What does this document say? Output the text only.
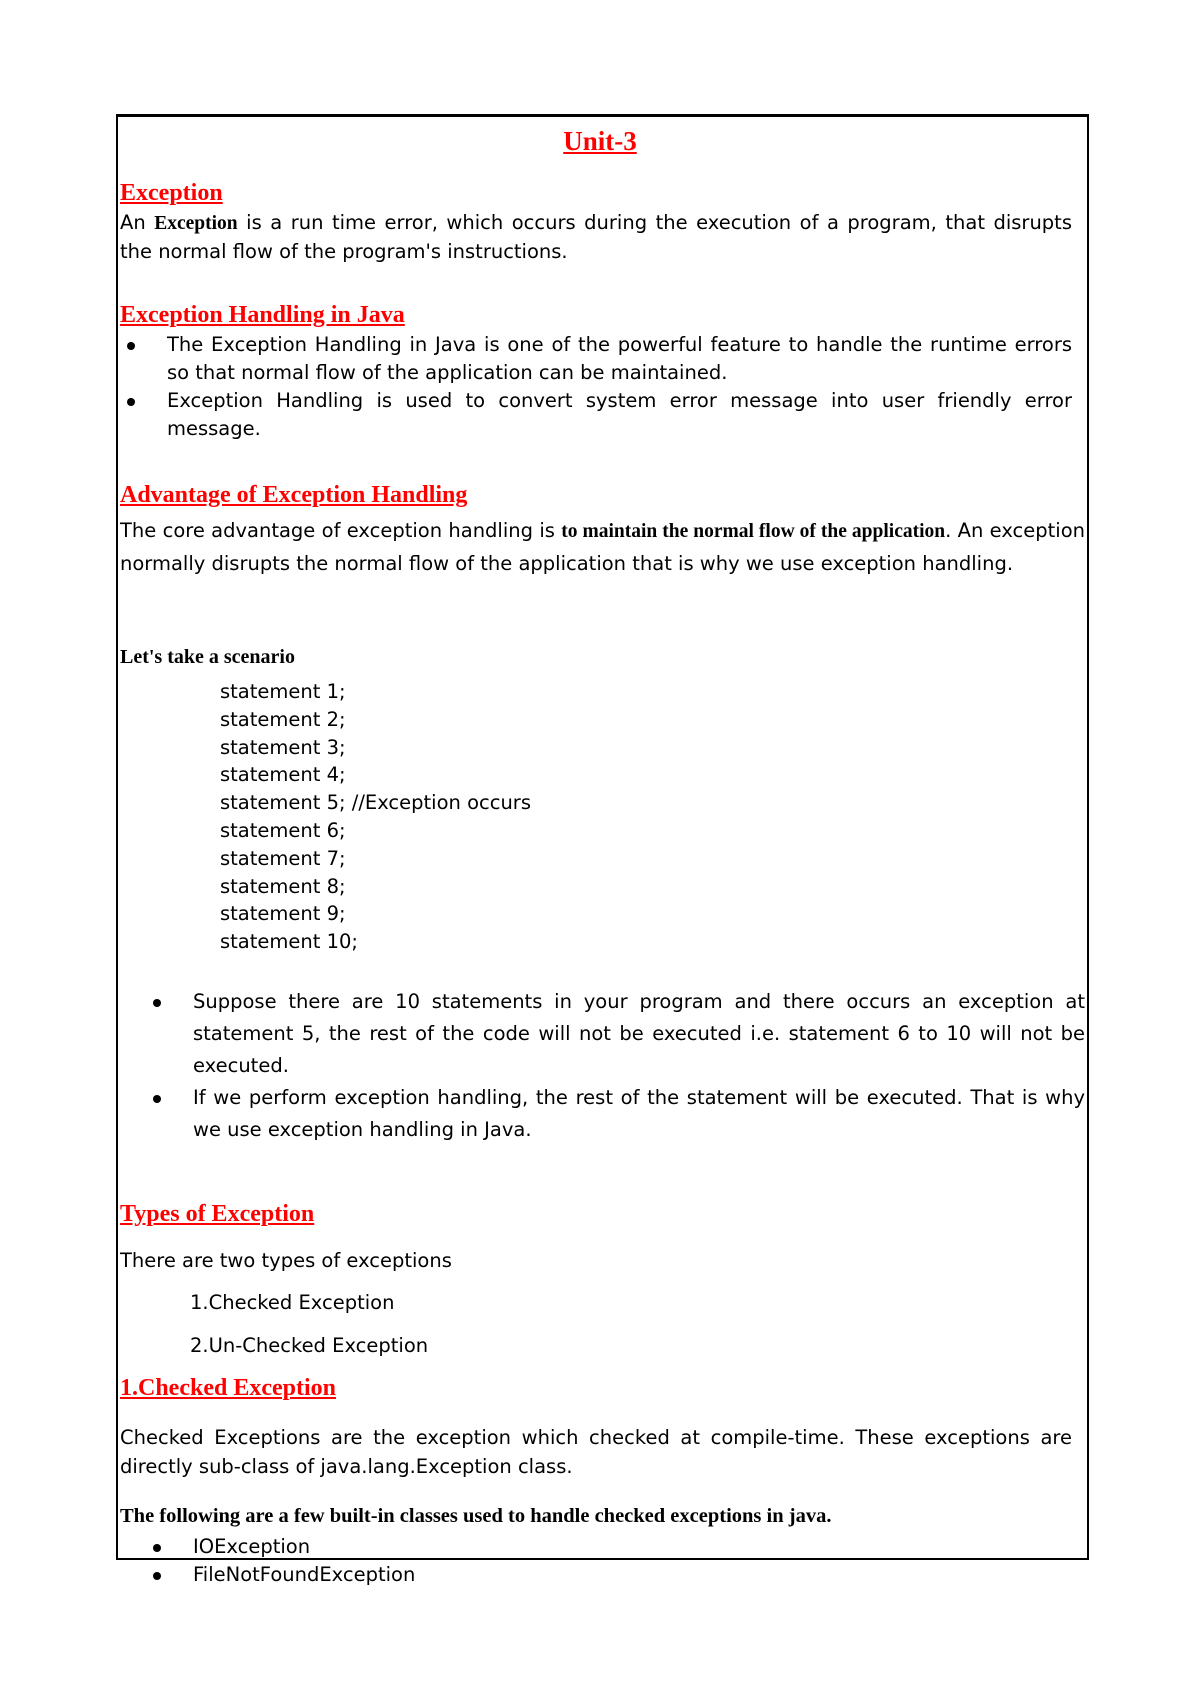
Unit-3
Exception
An Exception is a run time error, which occurs during the execution of a program, that disrupts the normal flow of the program's instructions.
Exception Handling in Java
The Exception Handling in Java is one of the powerful feature to handle the runtime errors so that normal flow of the application can be maintained.
Exception Handling is used to convert system error message into user friendly error message.
Advantage of Exception Handling
The core advantage of exception handling is to maintain the normal flow of the application. An exception normally disrupts the normal flow of the application that is why we use exception handling.
Let's take a scenario
statement 1;
statement 2;
statement 3;
statement 4;
statement 5; //Exception occurs
statement 6;
statement 7;
statement 8;
statement 9;
statement 10;
Suppose there are 10 statements in your program and there occurs an exception at statement 5, the rest of the code will not be executed i.e. statement 6 to 10 will not be executed.
If we perform exception handling, the rest of the statement will be executed. That is why we use exception handling in Java.
Types of Exception
There are two types of exceptions
1.Checked Exception
2.Un-Checked Exception
1.Checked Exception
Checked Exceptions are the exception which checked at compile-time. These exceptions are directly sub-class of java.lang.Exception class.
The following are a few built-in classes used to handle checked exceptions in java.
IOException
FileNotFoundException
